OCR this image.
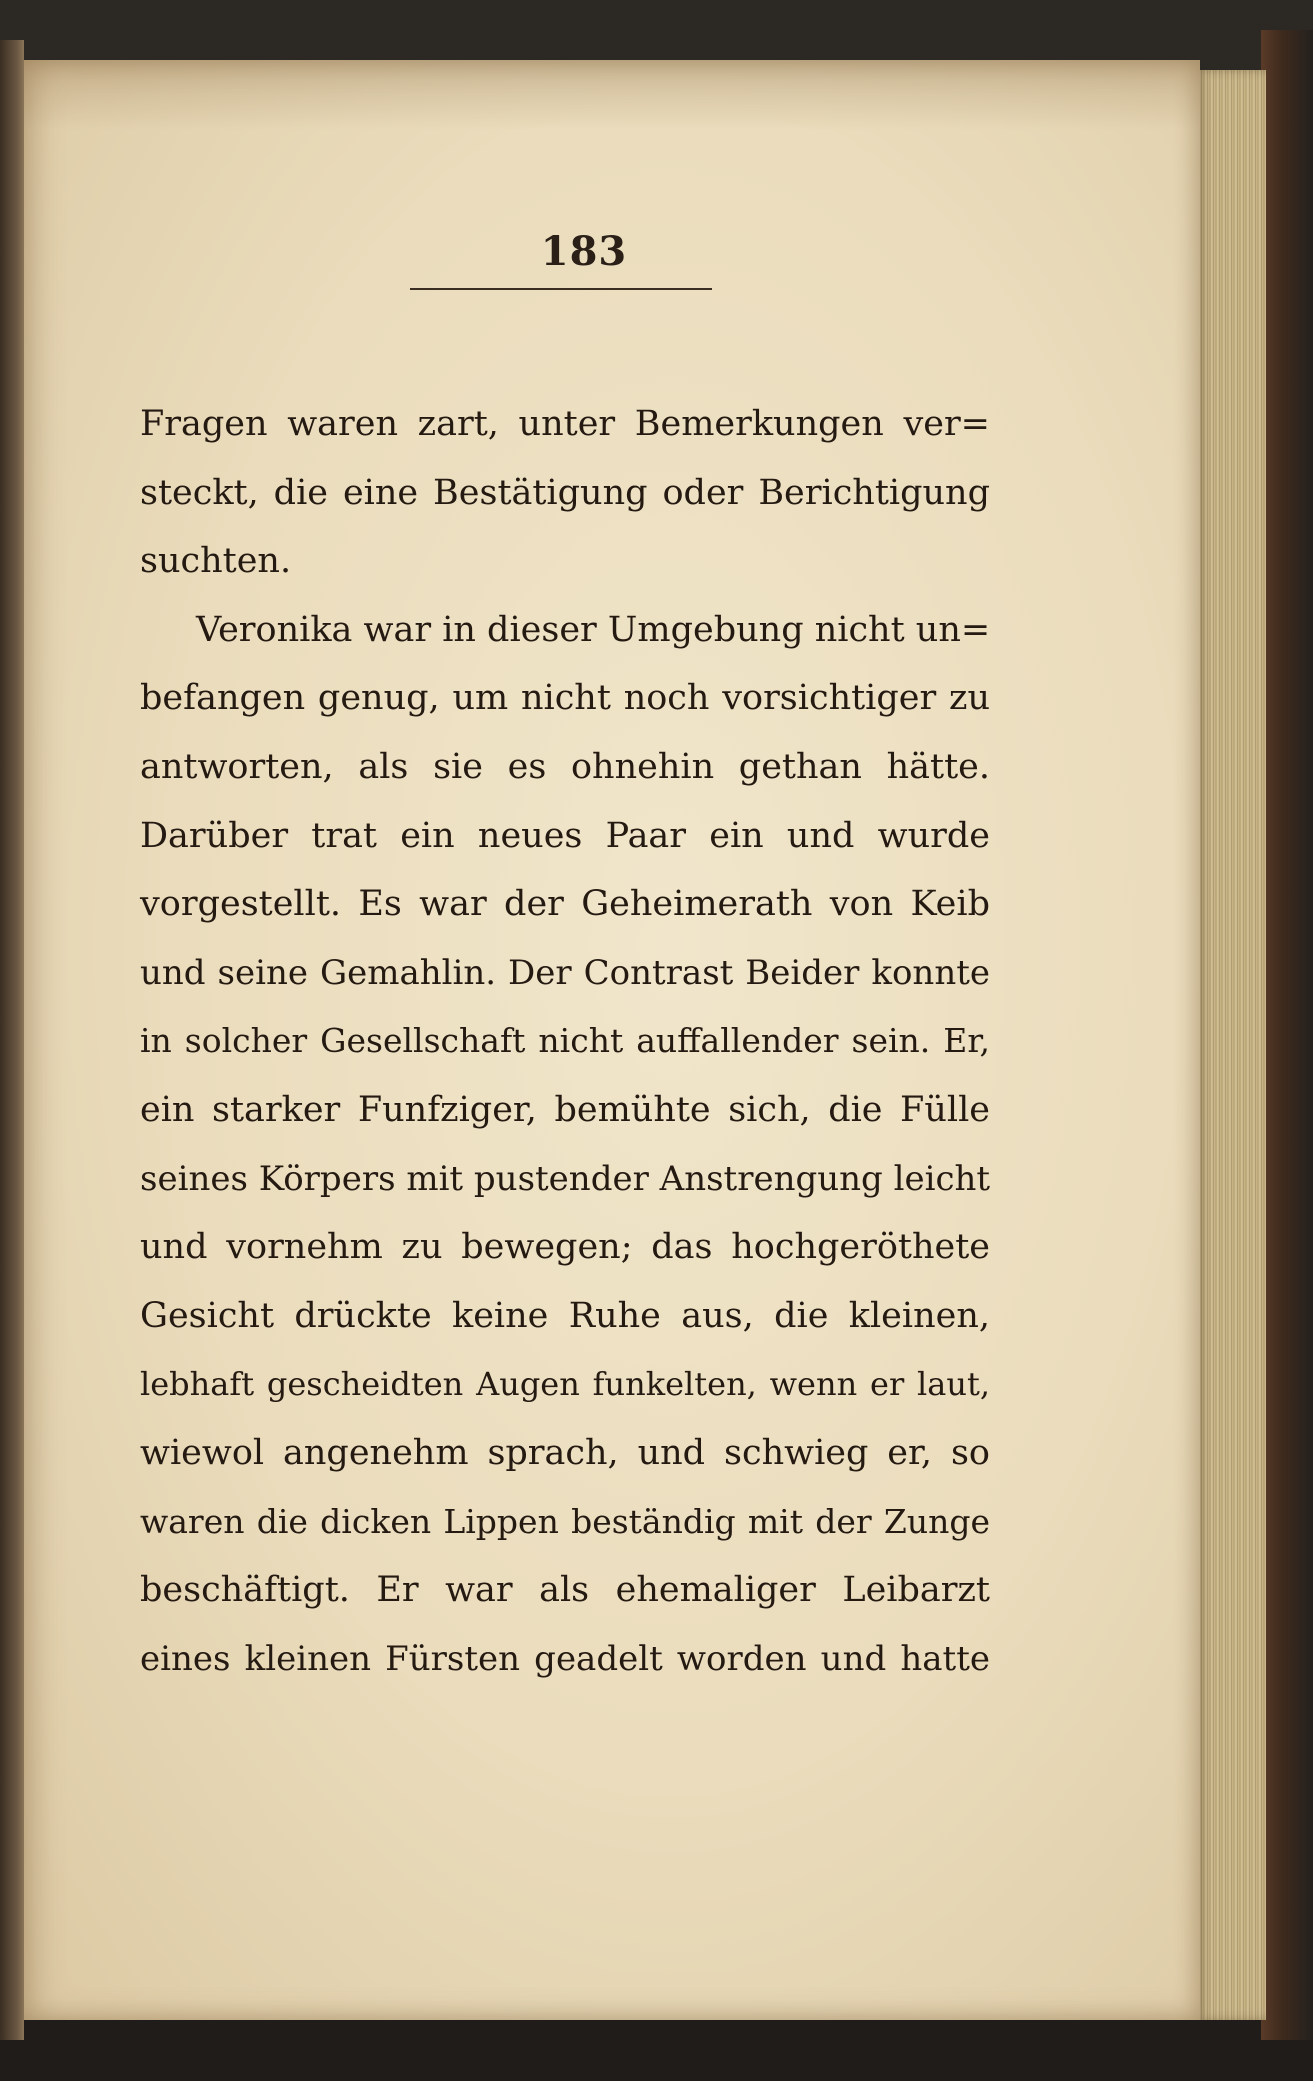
183
Fragen waren zart, unter Bemerkungen ver=
steckt, die eine Bestätigung oder Berichtigung
suchten.
Veronika war in dieser Umgebung nicht un=
befangen genug, um nicht noch vorsichtiger zu
antworten, als sie es ohnehin gethan hätte.
Darüber trat ein neues Paar ein und wurde
vorgestellt. Es war der Geheimerath von Keib
und seine Gemahlin. Der Contrast Beider konnte
in solcher Gesellschaft nicht auffallender sein. Er,
ein starker Funfziger, bemühte sich, die Fülle
seines Körpers mit pustender Anstrengung leicht
und vornehm zu bewegen; das hochgeröthete
Gesicht drückte keine Ruhe aus, die kleinen,
lebhaft gescheidten Augen funkelten, wenn er laut,
wiewol angenehm sprach, und schwieg er, so
waren die dicken Lippen beständig mit der Zunge
beschäftigt. Er war als ehemaliger Leibarzt
eines kleinen Fürsten geadelt worden und hatte
